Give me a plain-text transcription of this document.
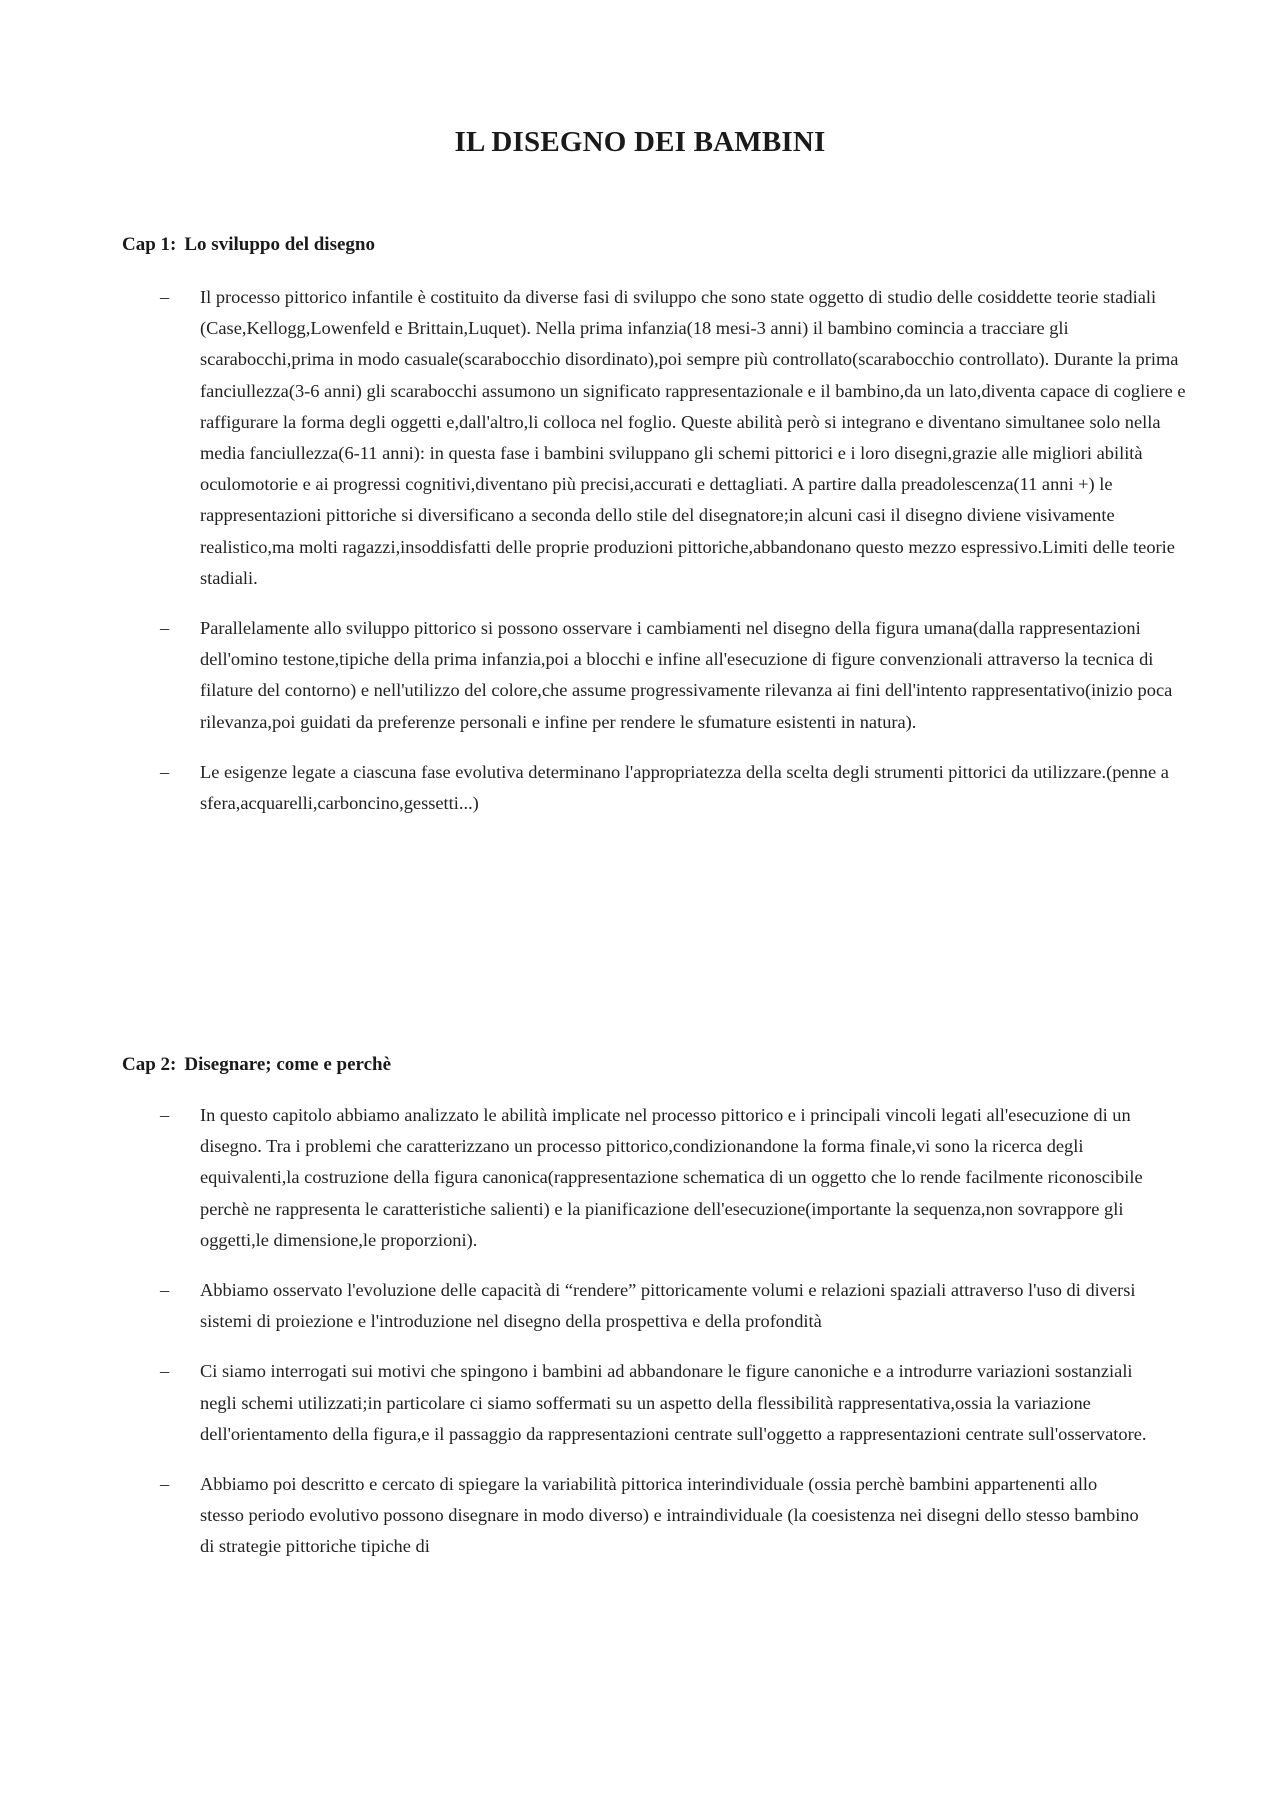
IL DISEGNO DEI BAMBINI
Cap 1: Lo sviluppo del disegno
– Il processo pittorico infantile è costituito da diverse fasi di sviluppo che sono state oggetto di studio delle cosiddette teorie stadiali (Case,Kellogg,Lowenfeld e Brittain,Luquet). Nella prima infanzia(18 mesi-3 anni) il bambino comincia a tracciare gli scarabocchi,prima in modo casuale(scarabocchio disordinato),poi sempre più controllato(scarabocchio controllato). Durante la prima fanciullezza(3-6 anni) gli scarabocchi assumono un significato rappresentazionale e il bambino,da un lato,diventa capace di cogliere e raffigurare la forma degli oggetti e,dall'altro,li colloca nel foglio. Queste abilità però si integrano e diventano simultanee solo nella media fanciullezza(6-11 anni): in questa fase i bambini sviluppano gli schemi pittorici e i loro disegni,grazie alle migliori abilità oculomotorie e ai progressi cognitivi,diventano più precisi,accurati e dettagliati. A partire dalla preadolescenza(11 anni +) le rappresentazioni pittoriche si diversificano a seconda dello stile del disegnatore;in alcuni casi il disegno diviene visivamente realistico,ma molti ragazzi,insoddisfatti delle proprie produzioni pittoriche,abbandonano questo mezzo espressivo.Limiti delle teorie stadiali.
– Parallelamente allo sviluppo pittorico si possono osservare i cambiamenti nel disegno della figura umana(dalla rappresentazioni dell'omino testone,tipiche della prima infanzia,poi a blocchi e infine all'esecuzione di figure convenzionali attraverso la tecnica di filature del contorno) e nell'utilizzo del colore,che assume progressivamente rilevanza ai fini dell'intento rappresentativo(inizio poca rilevanza,poi guidati da preferenze personali e infine per rendere le sfumature esistenti in natura).
– Le esigenze legate a ciascuna fase evolutiva determinano l'appropriatezza della scelta degli strumenti pittorici da utilizzare.(penne a sfera,acquarelli,carboncino,gessetti...)
Cap 2: Disegnare; come e perchè
– In questo capitolo abbiamo analizzato le abilità implicate nel processo pittorico e i principali vincoli legati all'esecuzione di un disegno. Tra i problemi che caratterizzano un processo pittorico,condizionandone la forma finale,vi sono la ricerca degli equivalenti,la costruzione della figura canonica(rappresentazione schematica di un oggetto che lo rende facilmente riconoscibile perchè ne rappresenta le caratteristiche salienti) e la pianificazione dell'esecuzione(importante la sequenza,non sovrappore gli oggetti,le dimensione,le proporzioni).
– Abbiamo osservato l'evoluzione delle capacità di “rendere” pittoricamente volumi e relazioni spaziali attraverso l'uso di diversi sistemi di proiezione e l'introduzione nel disegno della prospettiva e della profondità
– Ci siamo interrogati sui motivi che spingono i bambini ad abbandonare le figure canoniche e a introdurre variazioni sostanziali negli schemi utilizzati;in particolare ci siamo soffermati su un aspetto della flessibilità rappresentativa,ossia la variazione dell'orientamento della figura,e il passaggio da rappresentazioni centrate sull'oggetto a rappresentazioni centrate sull'osservatore.
– Abbiamo poi descritto e cercato di spiegare la variabilità pittorica interindividuale (ossia perchè bambini appartenenti allo stesso periodo evolutivo possono disegnare in modo diverso) e intraindividuale (la coesistenza nei disegni dello stesso bambino di strategie pittoriche tipiche di
